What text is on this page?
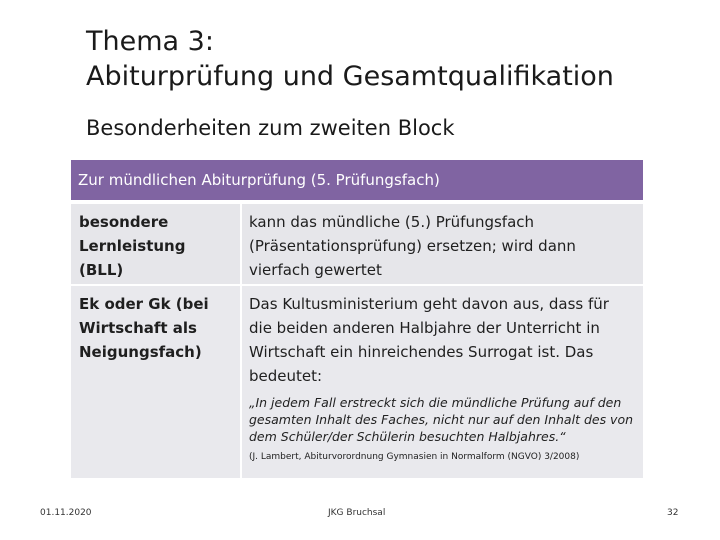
Thema 3:
Abiturprüfung und Gesamtqualifikation
Besonderheiten zum zweiten Block
Zur mündlichen Abiturprüfung (5. Prüfungsfach)
besondere Lernleistung (BLL)
kann das mündliche (5.) Prüfungsfach (Präsentationsprüfung) ersetzen; wird dann vierfach gewertet
Ek oder Gk (bei Wirtschaft als Neigungsfach)
Das Kultusministerium geht davon aus, dass für die beiden anderen Halbjahre der Unterricht in Wirtschaft ein hinreichendes Surrogat ist. Das bedeutet:
„In jedem Fall erstreckt sich die mündliche Prüfung auf den gesamten Inhalt des Faches, nicht nur auf den Inhalt des von dem Schüler/der Schülerin besuchten Halbjahres.“
(J. Lambert, Abiturvorordnung Gymnasien in Normalform (NGVO) 3/2008)
01.11.2020	JKG Bruchsal	32
